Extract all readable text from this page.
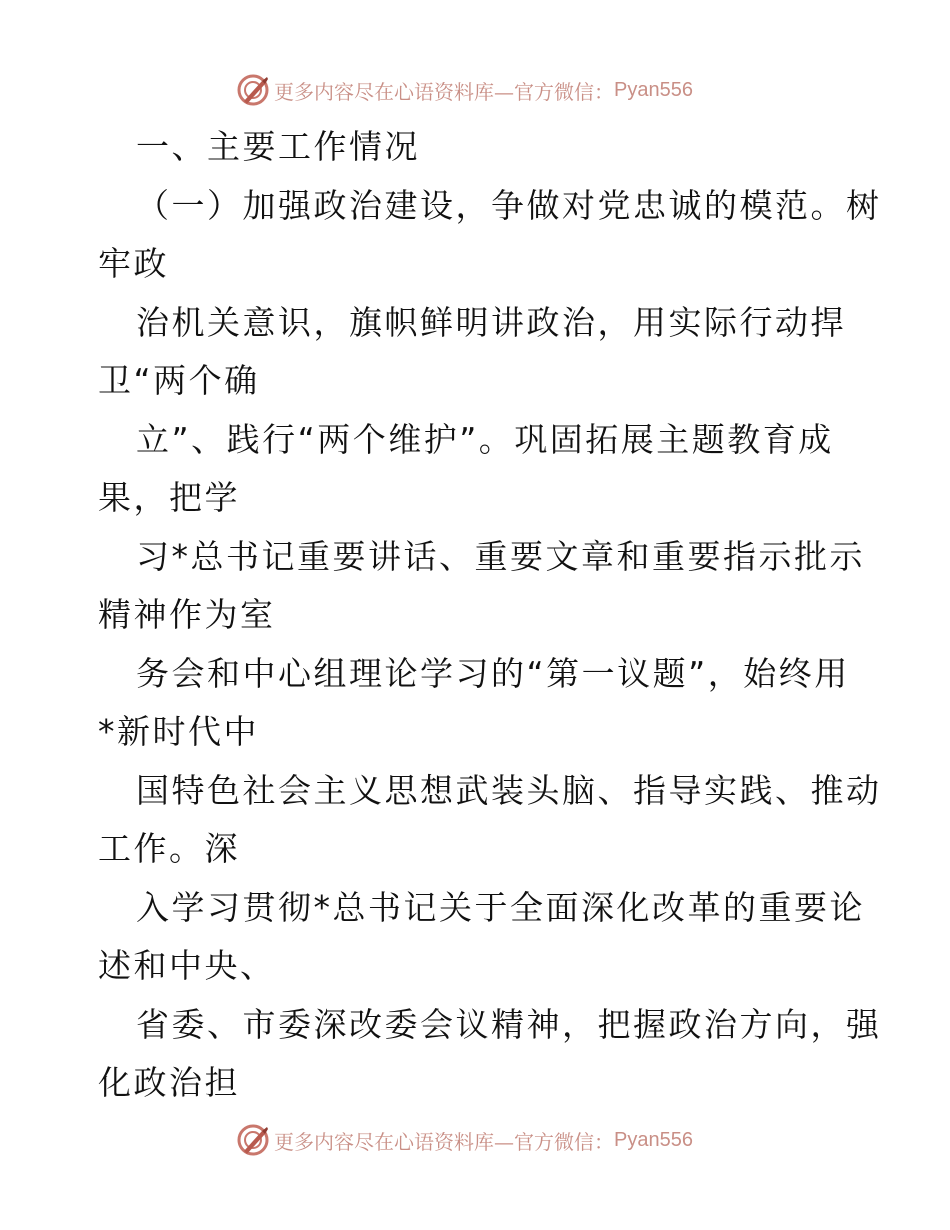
更多内容尽在心语资料库—官方微信： Pyan556
一、主要工作情况
（一）加强政治建设，争做对党忠诚的模范。树
牢政
治机关意识，旗帜鲜明讲政治，用实际行动捍
卫“两个确
立”、践行“两个维护”。巩固拓展主题教育成
果，把学
习*总书记重要讲话、重要文章和重要指示批示
精神作为室
务会和中心组理论学习的“第一议题”，始终用
*新时代中
国特色社会主义思想武装头脑、指导实践、推动
工作。深
入学习贯彻*总书记关于全面深化改革的重要论
述和中央、
省委、市委深改委会议精神，把握政治方向，强
化政治担
更多内容尽在心语资料库—官方微信： Pyan556
